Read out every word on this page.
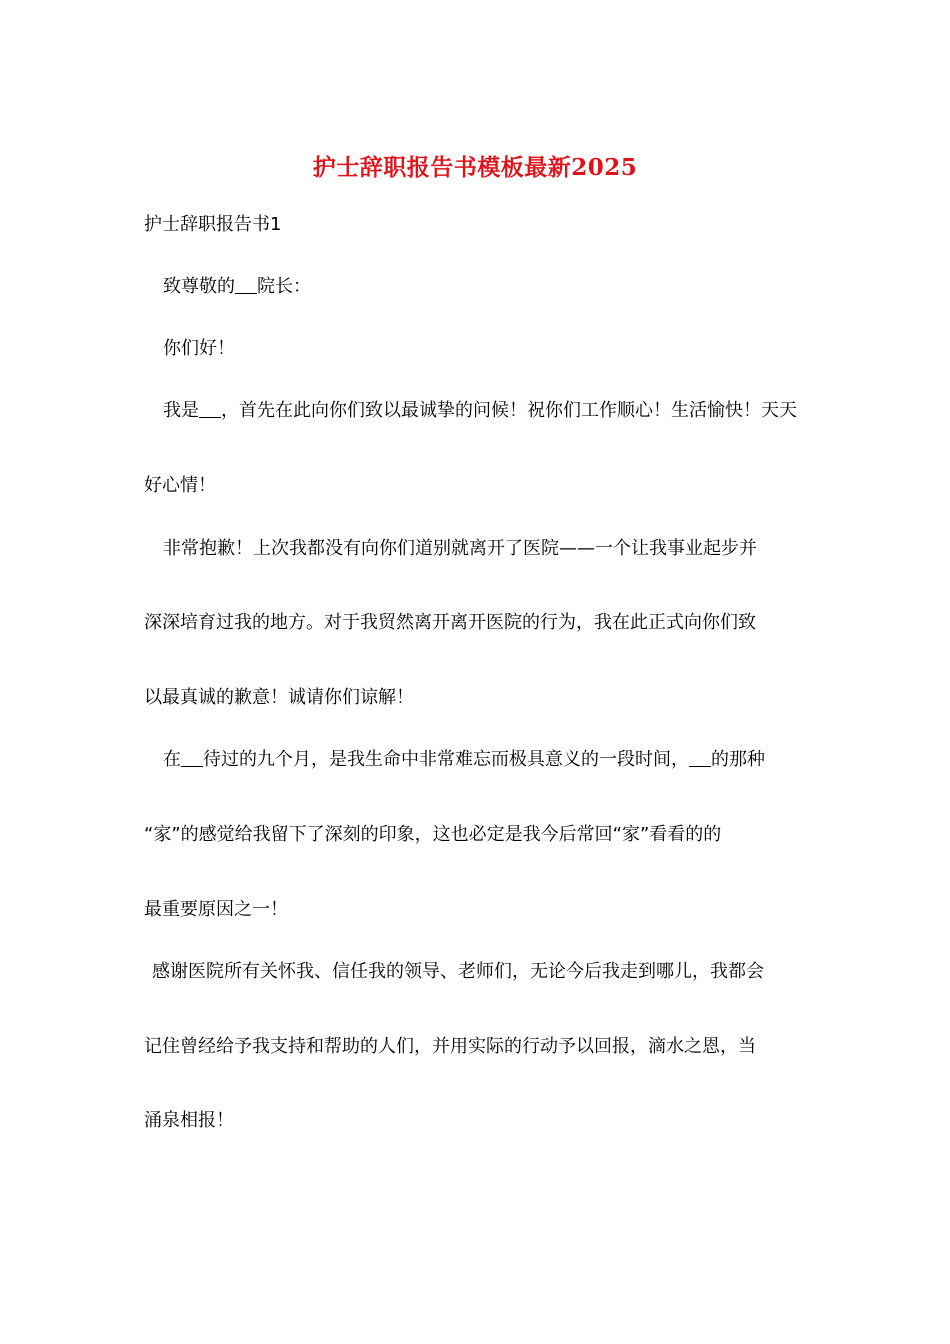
护士辞职报告书模板最新2025
护士辞职报告书1
致尊敬的 院长：
你们好！
我是 ，首先在此向你们致以最诚挚的问候！祝你们工作顺心！生活愉快！天天
好心情！
非常抱歉！上次我都没有向你们道别就离开了医院——一个让我事业起步并
深深培育过我的地方。对于我贸然离开离开医院的行为，我在此正式向你们致
以最真诚的歉意！诚请你们谅解！
在 待过的九个月，是我生命中非常难忘而极具意义的一段时间， 的那种
“家”的感觉给我留下了深刻的印象，这也必定是我今后常回“家”看看的的
最重要原因之一！
感谢医院所有关怀我、信任我的领导、老师们，无论今后我走到哪儿，我都会
记住曾经给予我支持和帮助的人们，并用实际的行动予以回报，滴水之恩，当
涌泉相报！
